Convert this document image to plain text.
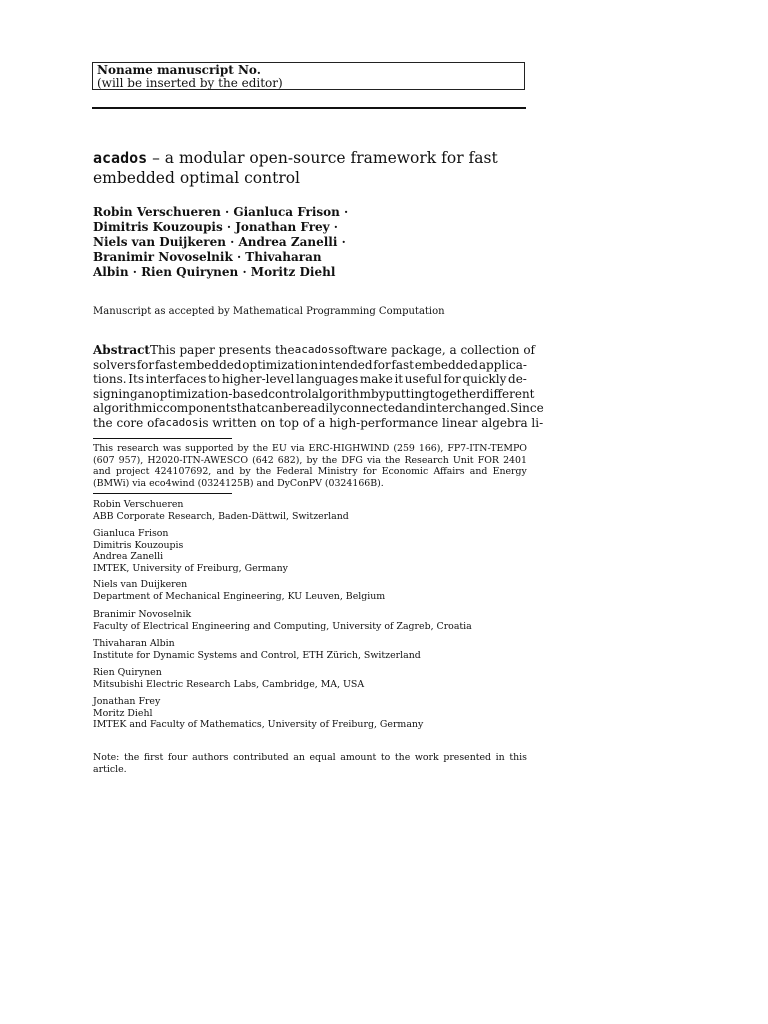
Noname manuscript No.
(will be inserted by the editor)
acados – a modular open-source framework for fast
embedded optimal control
Robin Verschueren · Gianluca Frison ·
Dimitris Kouzoupis · Jonathan Frey ·
Niels van Duijkeren · Andrea Zanelli ·
Branimir Novoselnik · Thivaharan
Albin · Rien Quirynen · Moritz Diehl
Manuscript as accepted by Mathematical Programming Computation
Abstract This paper presents the acados software package, a collection of
solvers for fast embedded optimization intended for fast embedded applica-
tions. Its interfaces to higher-level languages make it useful for quickly de-
signing an optimization-based control algorithm by putting together different
algorithmic components that can be readily connected and interchanged. Since
the core of acados is written on top of a high-performance linear algebra li-
This research was supported by the EU via ERC-HIGHWIND (259 166), FP7-ITN-TEMPO
(607 957), H2020-ITN-AWESCO (642 682), by the DFG via the Research Unit FOR 2401
and project 424107692, and by the Federal Ministry for Economic Affairs and Energy
(BMWi) via eco4wind (0324125B) and DyConPV (0324166B).
Robin Verschueren
ABB Corporate Research, Baden-Dättwil, Switzerland
Gianluca Frison
Dimitris Kouzoupis
Andrea Zanelli
IMTEK, University of Freiburg, Germany
Niels van Duijkeren
Department of Mechanical Engineering, KU Leuven, Belgium
Branimir Novoselnik
Faculty of Electrical Engineering and Computing, University of Zagreb, Croatia
Thivaharan Albin
Institute for Dynamic Systems and Control, ETH Zürich, Switzerland
Rien Quirynen
Mitsubishi Electric Research Labs, Cambridge, MA, USA
Jonathan Frey
Moritz Diehl
IMTEK and Faculty of Mathematics, University of Freiburg, Germany
Note: the first four authors contributed an equal amount to the work presented in this
article.
